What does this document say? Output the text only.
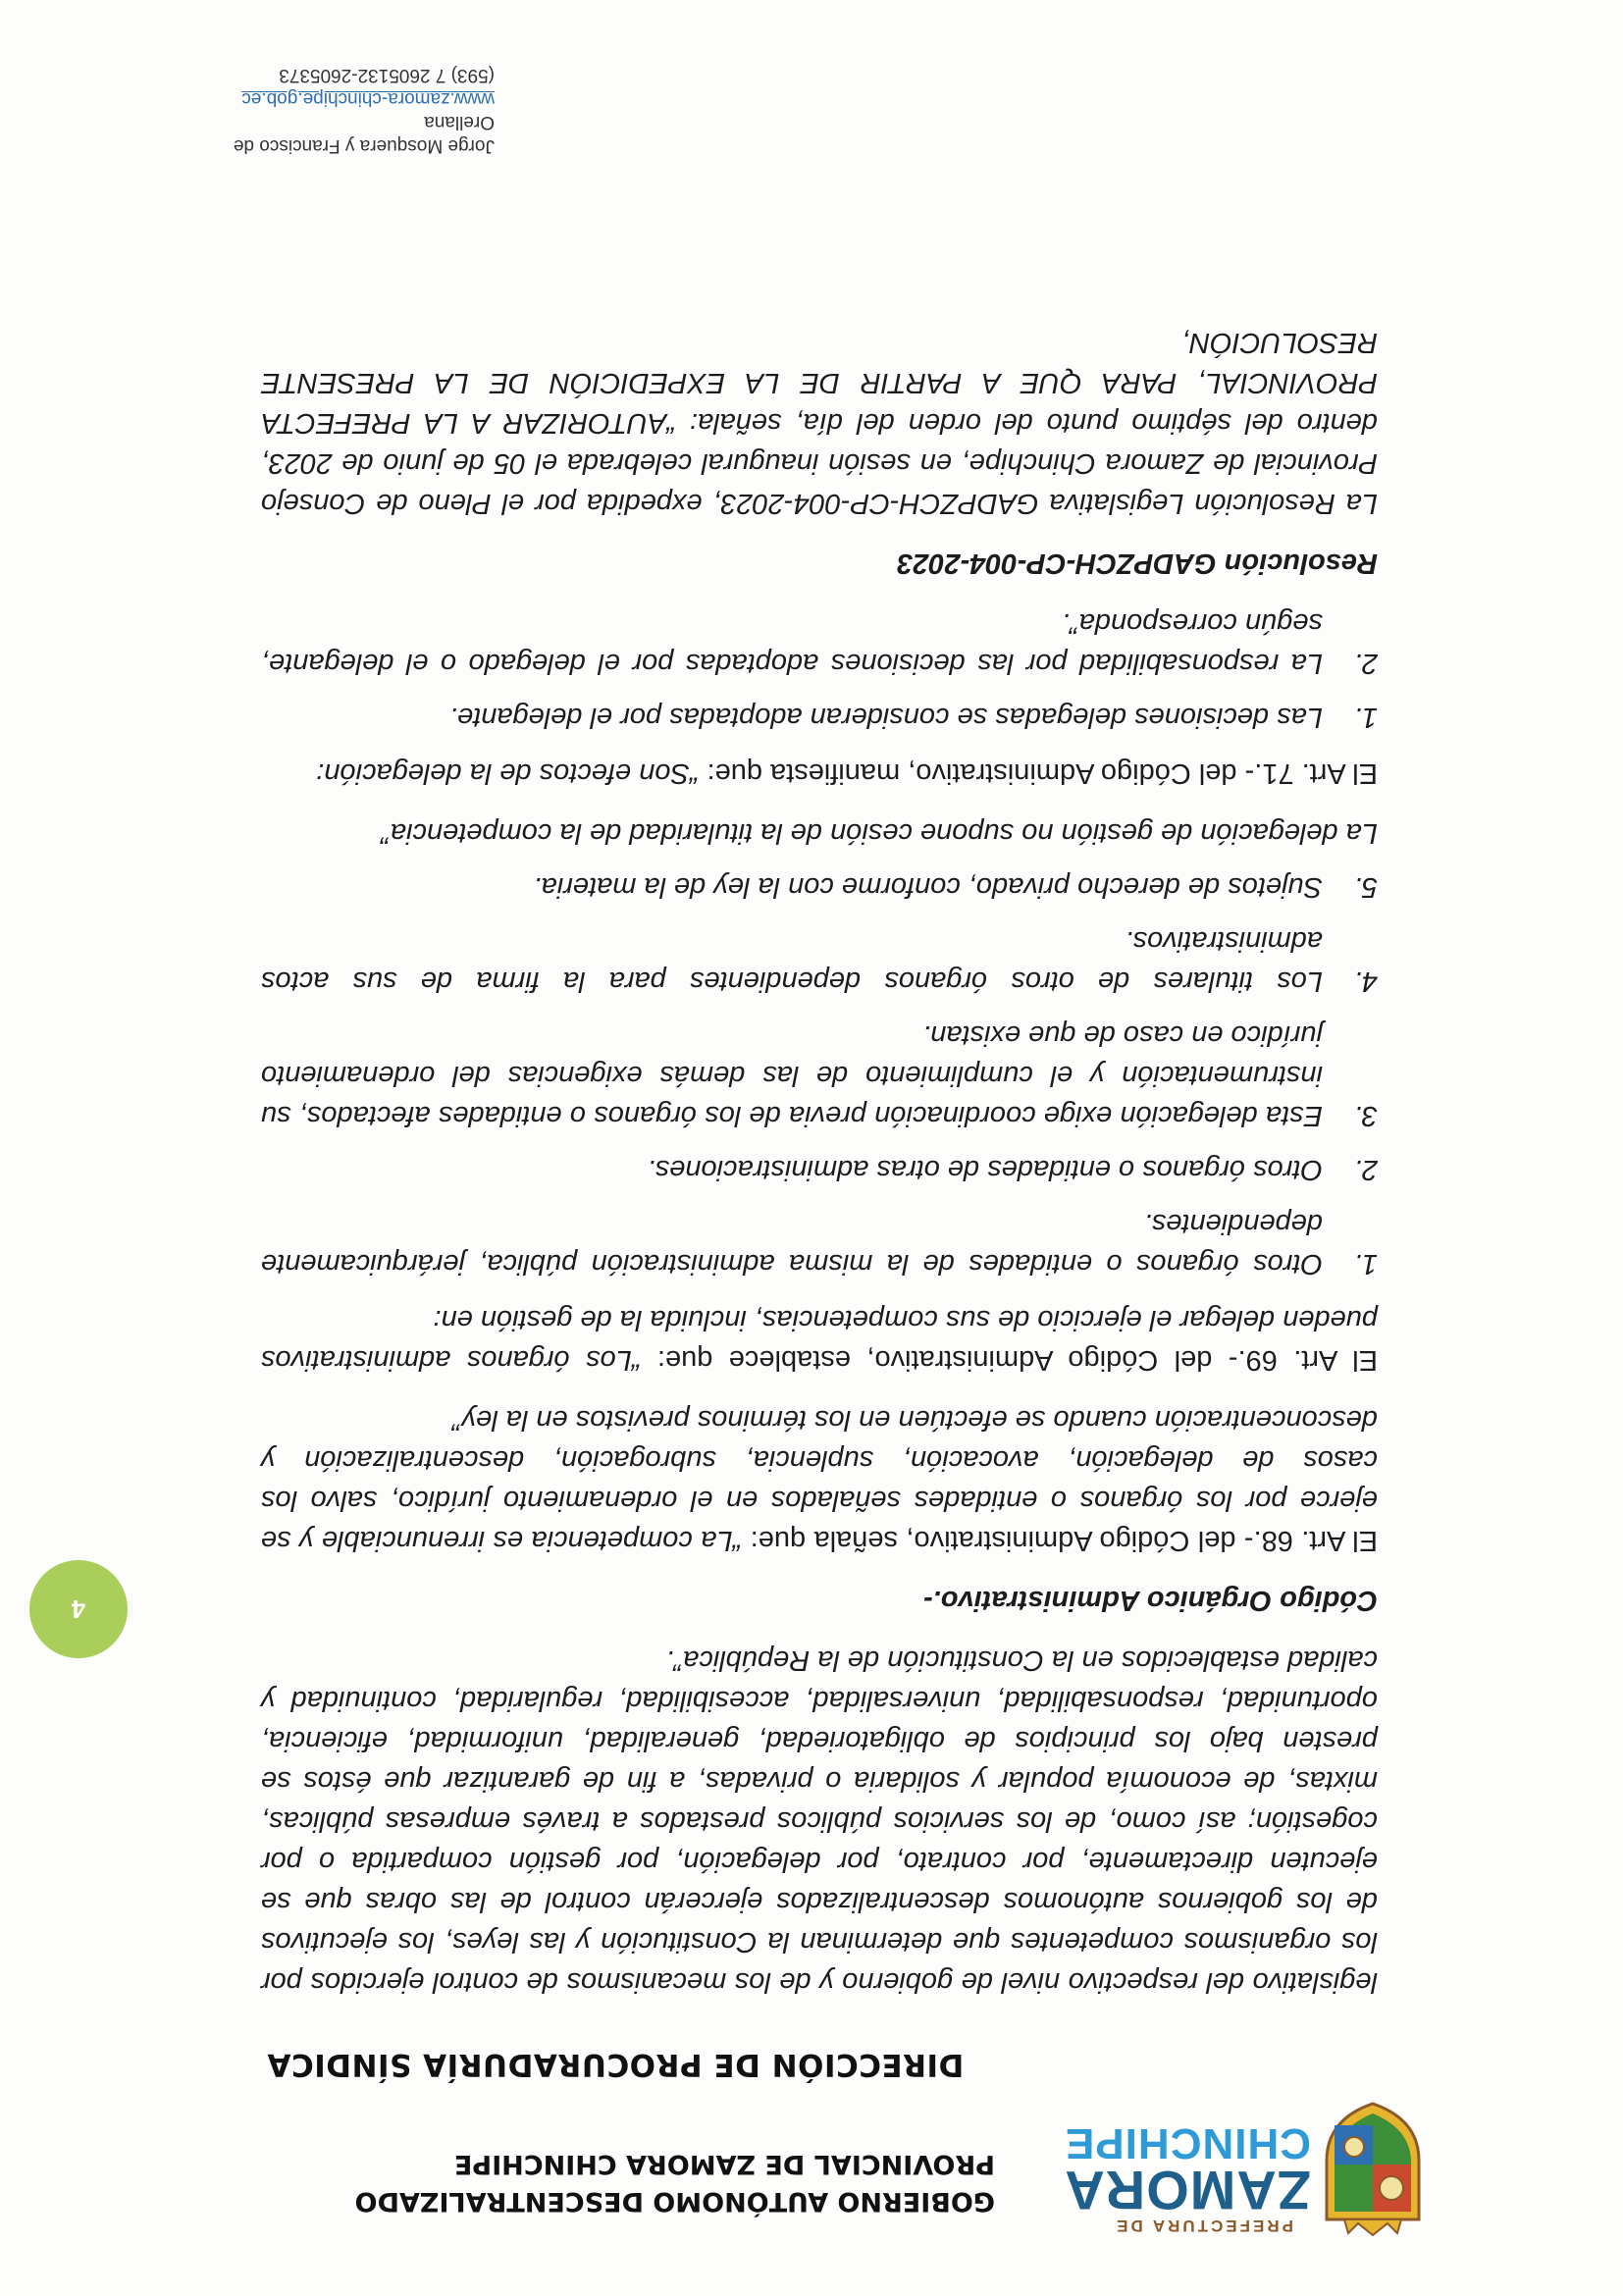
PREFECTURA DE
ZAMORA
CHINCHIPE
GOBIERNO AUTÓNOMO DESCENTRALIZADO
PROVINCIAL DE ZAMORA CHINCHIPE
DIRECCIÓN DE PROCURADURÍA SÍNDICA
4

legislativo del respectivo nivel de gobierno y de los mecanismos de control ejercidos por los organismos competentes que determinan la Constitución y las leyes, los ejecutivos de los gobiernos autónomos descentralizados ejercerán control de las obras que se ejecuten directamente, por contrato, por delegación, por gestión compartida o por cogestión; así como, de los servicios públicos prestados a través empresas públicas, mixtas, de economía popular y solidaria o privadas, a fin de garantizar que éstos se presten bajo los principios de obligatoriedad, generalidad, uniformidad, eficiencia, oportunidad, responsabilidad, universalidad, accesibilidad, regularidad, continuidad y calidad establecidos en la Constitución de la República”.

Código Orgánico Administrativo.-

El Art. 68.- del Código Administrativo, señala que: “La competencia es irrenunciable y se ejerce por los órganos o entidades señalados en el ordenamiento jurídico, salvo los casos de delegación, avocación, suplencia, subrogación, descentralización y desconcentración cuando se efectúen en los términos previstos en la ley”

El Art. 69.- del Código Administrativo, establece que: “Los órganos administrativos pueden delegar el ejercicio de sus competencias, incluida la de gestión en:

1.
Otros órganos o entidades de la misma administración pública, jerárquicamente dependientes.
2.
Otros órganos o entidades de otras administraciones.
3.
Esta delegación exige coordinación previa de los órganos o entidades afectados, su instrumentación y el cumplimiento de las demás exigencias del ordenamiento jurídico en caso de que existan.
4.
Los titulares de otros órganos dependientes para la firma de sus actos administrativos.
5.
Sujetos de derecho privado, conforme con la ley de la materia.

La delegación de gestión no supone cesión de la titularidad de la competencia”

El Art. 71.- del Código Administrativo, manifiesta que: “Son efectos de la delegación:

1.
Las decisiones delegadas se consideran adoptadas por el delegante.
2.
La responsabilidad por las decisiones adoptadas por el delegado o el delegante, según corresponda”.

Resolución GADPZCH-CP-004-2023

La Resolución Legislativa GADPZCH-CP-004-2023, expedida por el Pleno de Consejo Provincial de Zamora Chinchipe, en sesión inaugural celebrada el 05 de junio de 2023, dentro del séptimo punto del orden del día, señala: “AUTORIZAR A LA PREFECTA PROVINCIAL, PARA QUE A PARTIR DE LA EXPEDICIÓN DE LA PRESENTE RESOLUCIÓN,

Jorge Mosquera y Francisco de Orellana
www.zamora-chinchipe.gob.ec
(593) 7 2605132-2605373
